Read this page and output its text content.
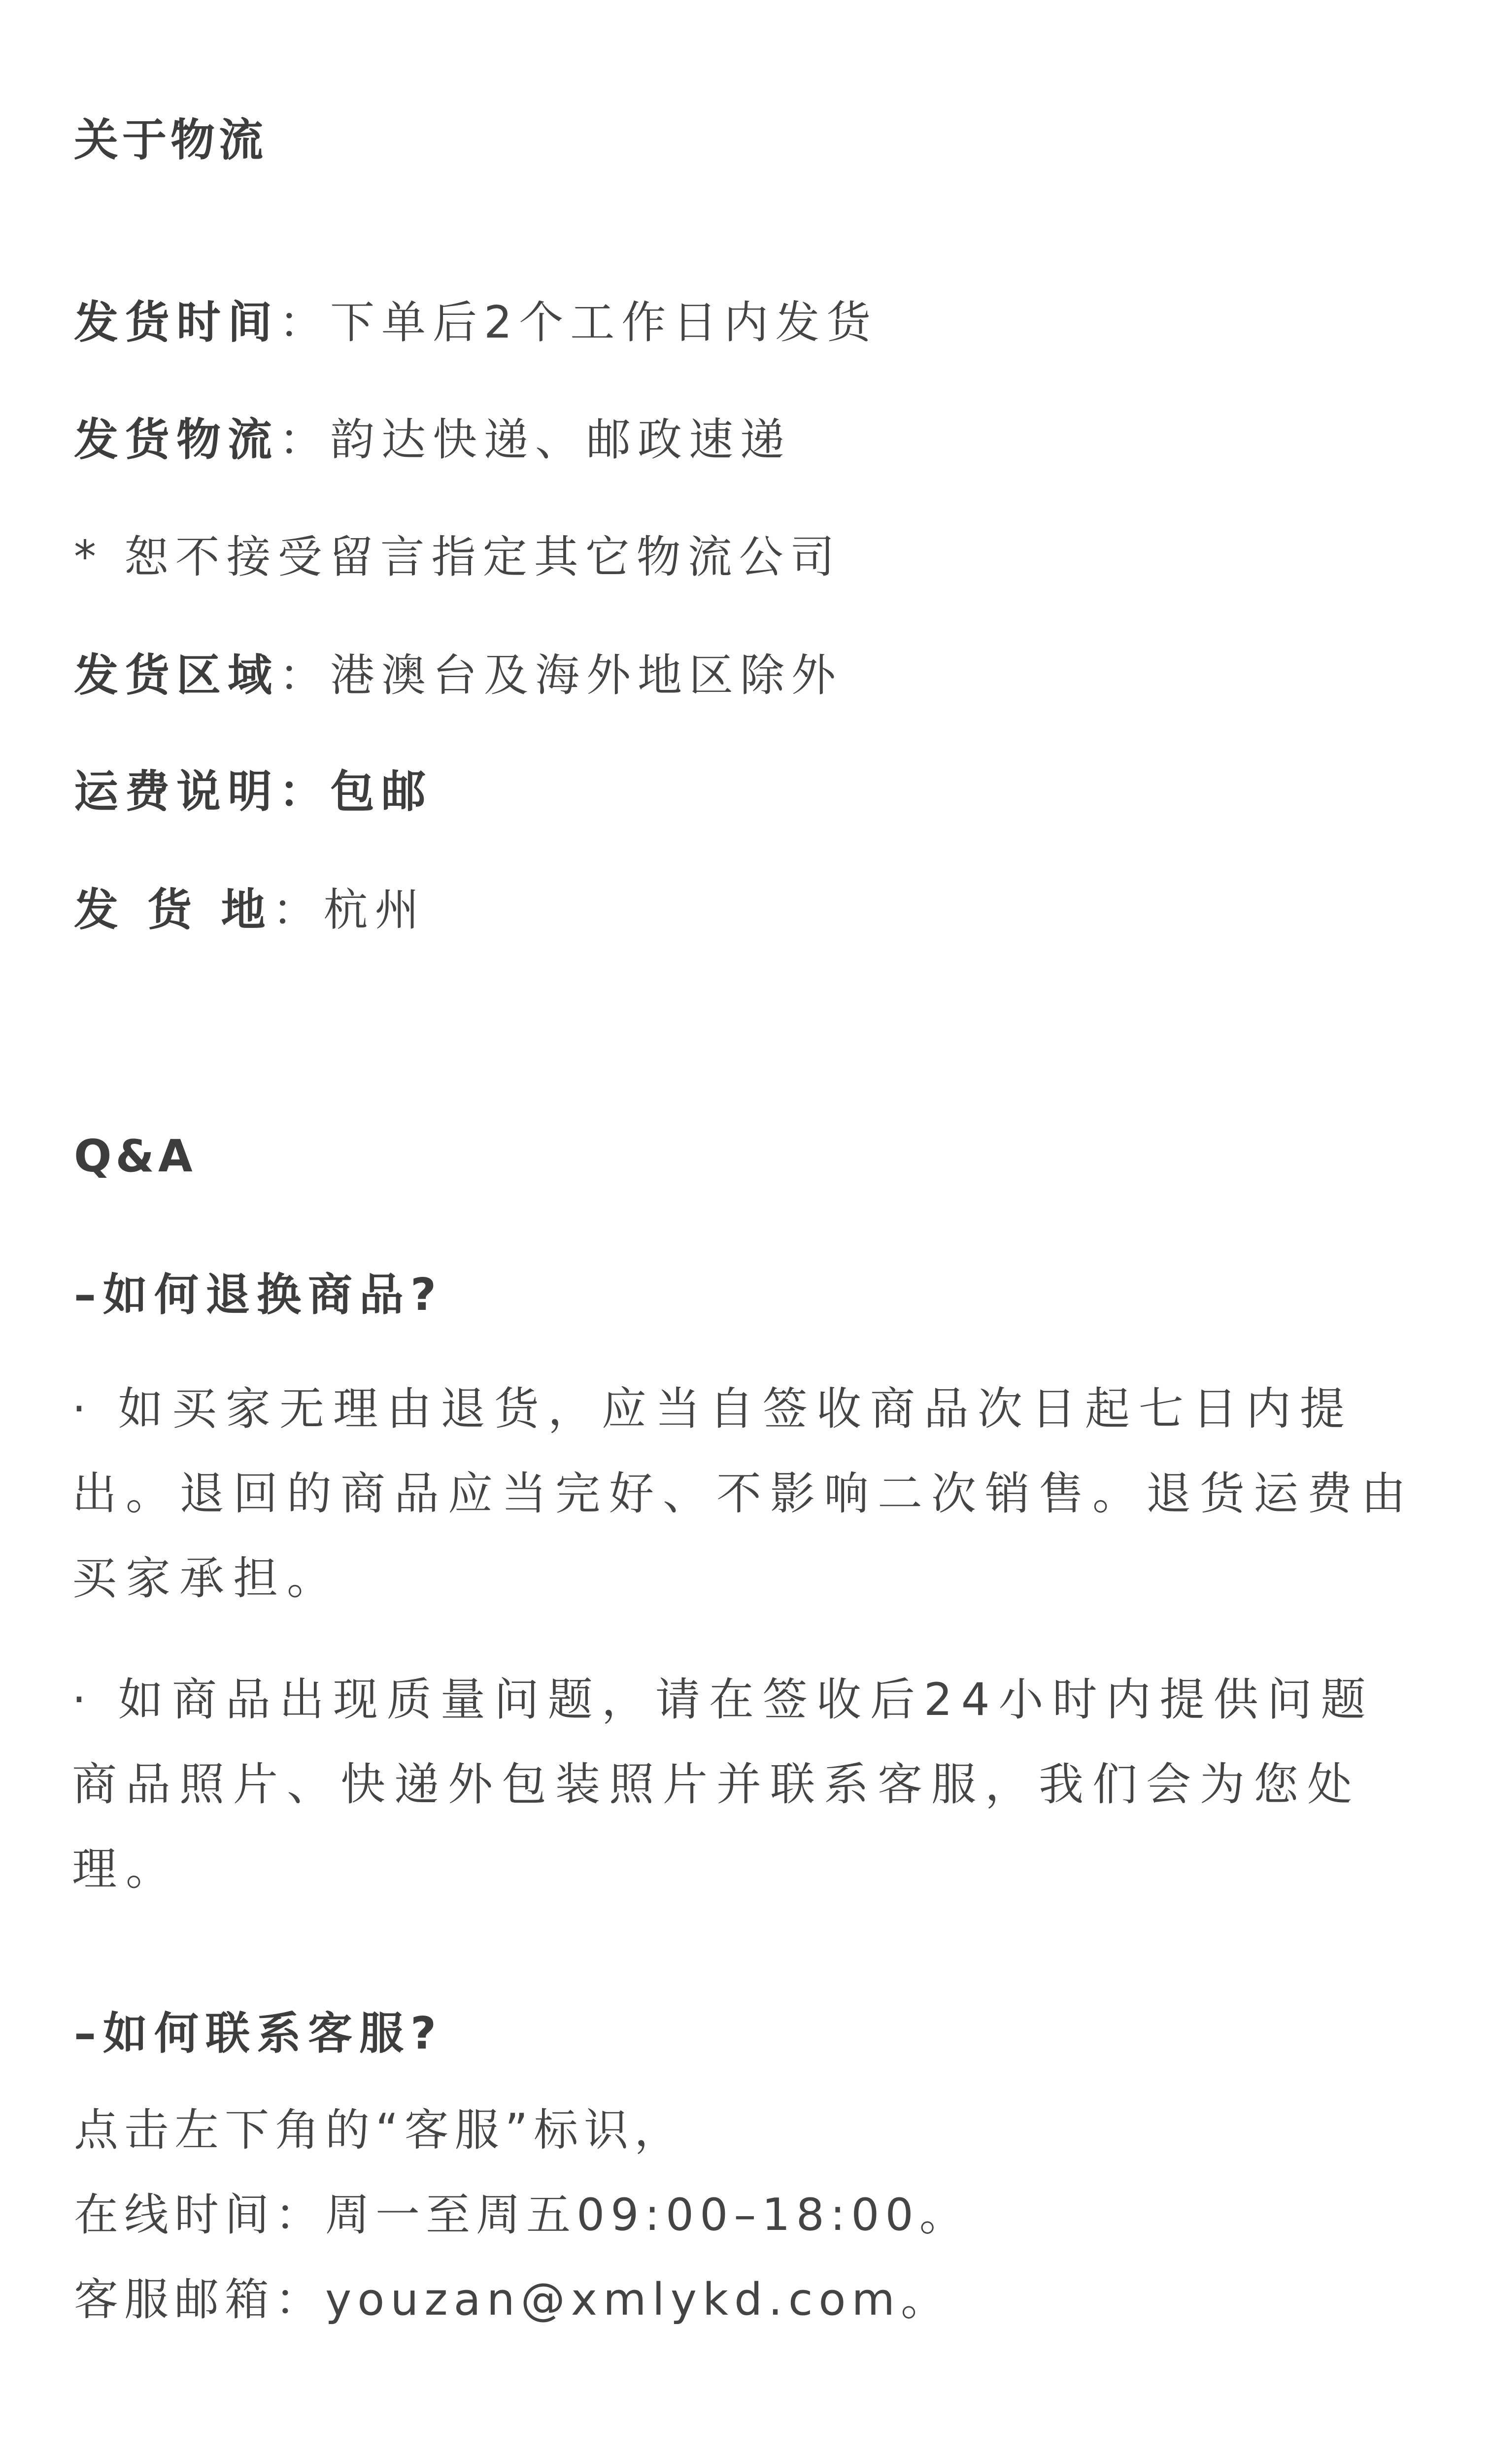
关于物流
发货时间：下单后2个工作日内发货
发货物流：韵达快递、邮政速递
* 恕不接受留言指定其它物流公司
发货区域：港澳台及海外地区除外
运费说明：包邮
发 货 地：杭州
Q&A
–如何退换商品?
· 如买家无理由退货，应当自签收商品次日起七日内提出。退回的商品应当完好、不影响二次销售。退货运费由买家承担。
· 如商品出现质量问题，请在签收后24小时内提供问题商品照片、快递外包装照片并联系客服，我们会为您处理。
–如何联系客服?
点击左下角的“客服”标识，
在线时间：周一至周五09:00–18:00。
客服邮箱：youzan@xmlykd.com。
